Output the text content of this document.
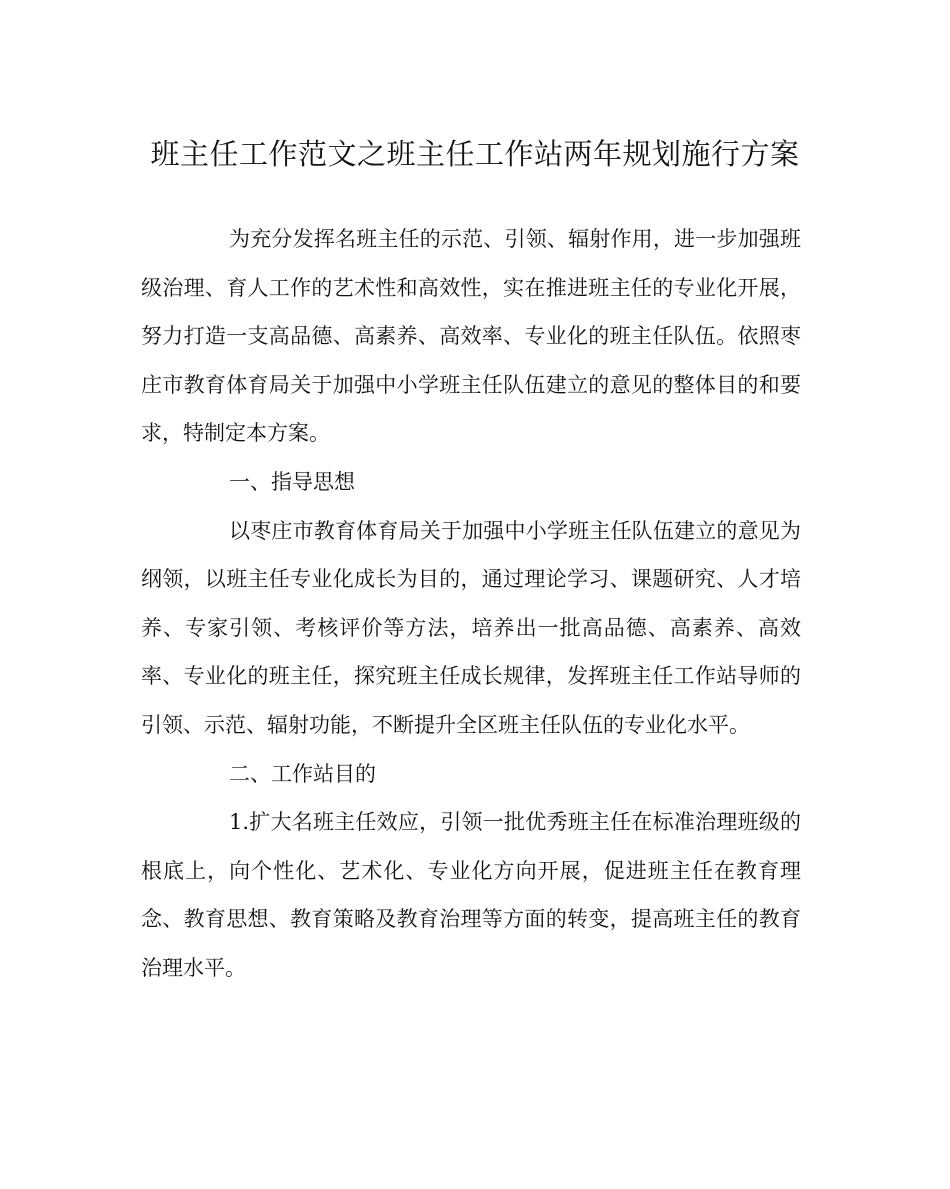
班主任工作范文之班主任工作站两年规划施行方案

为充分发挥名班主任的示范、引领、辐射作用，进一步加强班级治理、育人工作的艺术性和高效性，实在推进班主任的专业化开展，努力打造一支高品德、高素养、高效率、专业化的班主任队伍。依照枣庄市教育体育局关于加强中小学班主任队伍建立的意见的整体目的和要求，特制定本方案。

一、指导思想

以枣庄市教育体育局关于加强中小学班主任队伍建立的意见为纲领，以班主任专业化成长为目的，通过理论学习、课题研究、人才培养、专家引领、考核评价等方法，培养出一批高品德、高素养、高效率、专业化的班主任，探究班主任成长规律，发挥班主任工作站导师的引领、示范、辐射功能，不断提升全区班主任队伍的专业化水平。

二、工作站目的

1.扩大名班主任效应，引领一批优秀班主任在标准治理班级的根底上，向个性化、艺术化、专业化方向开展，促进班主任在教育理念、教育思想、教育策略及教育治理等方面的转变，提高班主任的教育治理水平。
